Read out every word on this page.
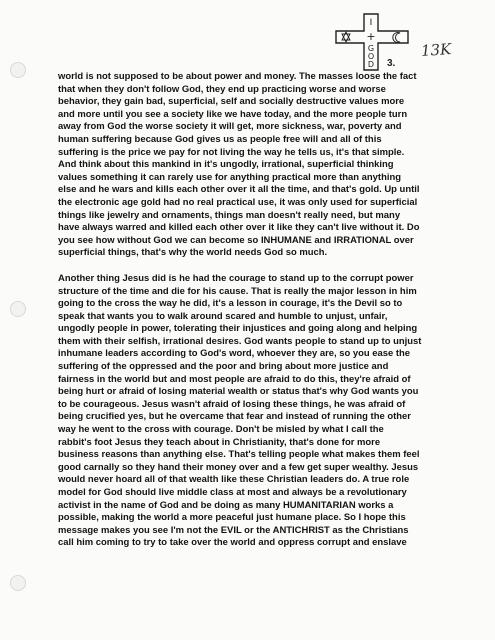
I
+
G
O
D
13K
3.

world is not supposed to be about power and money. The masses loose the fact
that when they don't follow God, they end up practicing worse and worse
behavior, they gain bad, superficial, self and socially destructive values more
and more until you see a society like we have today, and the more people turn
away from God the worse society it will get, more sickness, war, poverty and
human suffering because God gives us as people free will and all of this
suffering is the price we pay for not living the way he tells us, it's that simple.
And think about this mankind in it's ungodly, irrational, superficial thinking
values something it can rarely use for anything practical more than anything
else and he wars and kills each other over it all the time, and that's gold. Up until
the electronic age gold had no real practical use, it was only used for superficial
things like jewelry and ornaments, things man doesn't really need, but many
have always warred and killed each other over it like they can't live without it. Do
you see how without God we can become so INHUMANE and IRRATIONAL over
superficial things, that's why the world needs God so much.

Another thing Jesus did is he had the courage to stand up to the corrupt power
structure of the time and die for his cause. That is really the major lesson in him
going to the cross the way he did, it's a lesson in courage, it's the Devil so to
speak that wants you to walk around scared and humble to unjust, unfair,
ungodly people in power, tolerating their injustices and going along and helping
them with their selfish, irrational desires. God wants people to stand up to unjust
inhumane leaders according to God's word, whoever they are, so you ease the
suffering of the oppressed and the poor and bring about more justice and
fairness in the world but and most people are afraid to do this, they're afraid of
being hurt or afraid of losing material wealth or status that's why God wants you
to be courageous. Jesus wasn't afraid of losing these things, he was afraid of
being crucified yes, but he overcame that fear and instead of running the other
way he went to the cross with courage. Don't be misled by what I call the
rabbit's foot Jesus they teach about in Christianity, that's done for more
business reasons than anything else. That's telling people what makes them feel
good carnally so they hand their money over and a few get super wealthy. Jesus
would never hoard all of that wealth like these Christian leaders do. A true role
model for God should live middle class at most and always be a revolutionary
activist in the name of God and be doing as many HUMANITARIAN works a
possible, making the world a more peaceful just humane place. So I hope this
message makes you see I'm not the EVIL or the ANTICHRIST as the Christians
call him coming to try to take over the world and oppress corrupt and enslave
